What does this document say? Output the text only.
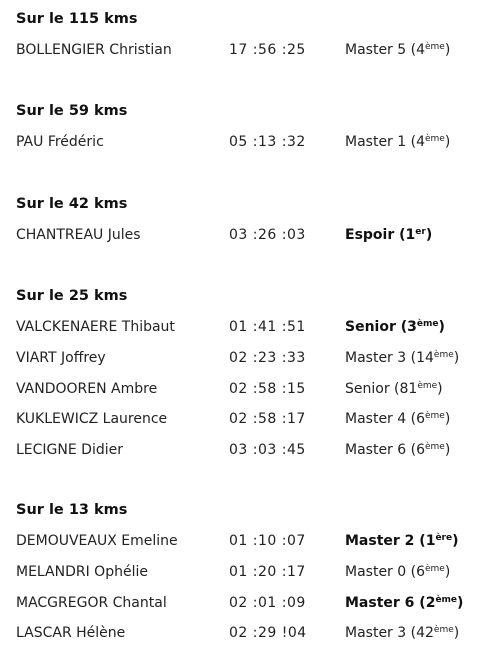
Sur le 115 kms
BOLLENGIER Christian	17 :56 :25	Master 5 (4ème)
Sur le 59 kms
PAU Frédéric	05 :13 :32	Master 1 (4ème)
Sur le 42 kms
CHANTREAU Jules	03 :26 :03	Espoir (1er)
Sur le 25 kms
VALCKENAERE Thibaut	01 :41 :51	Senior (3ème)
VIART Joffrey	02 :23 :33	Master 3 (14ème)
VANDOOREN Ambre	02 :58 :15	Senior (81ème)
KUKLEWICZ Laurence	02 :58 :17	Master 4 (6ème)
LECIGNE Didier	03 :03 :45	Master 6 (6ème)
Sur le 13 kms
DEMOUVEAUX Emeline	01 :10 :07	Master 2 (1ère)
MELANDRI Ophélie	01 :20 :17	Master 0 (6ème)
MACGREGOR Chantal	02 :01 :09	Master 6 (2ème)
LASCAR Hélène	02 :29 !04	Master 3 (42ème)
